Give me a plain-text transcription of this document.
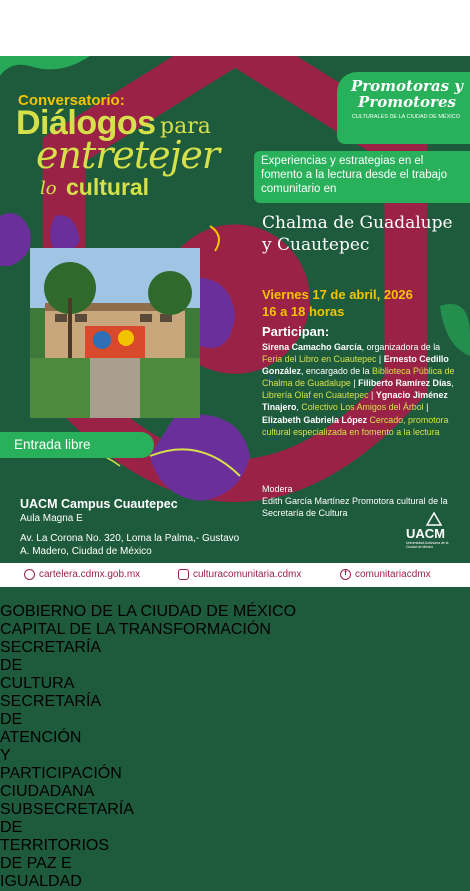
GOBIERNO DE LA CIUDAD DE MÉXICO
CAPITAL DE LA TRANSFORMACIÓN
SECRETARÍA DE CULTURA
SECRETARÍA DE ATENCIÓN Y PARTICIPACIÓN CIUDADANA
SUBSECRETARÍA DE TERRITORIOS DE PAZ E IGUALDAD
Conversatorio:
Diálogos para
entretejer
lo cultural
Promotoras y Promotores
CULTURALES DE LA CIUDAD DE MÉXICO
Experiencias y estrategias en el fomento a la lectura desde el trabajo comunitario en
Chalma de Guadalupe y Cuautepec
Viernes 17 de abril, 2026
16 a 18 horas
Participan:
Sirena Camacho García, organizadora de la Feria del Libro en Cuautepec | Ernesto Cedillo González, encargado de la Biblioteca Pública de Chalma de Guadalupe | Filiberto Ramírez Días, Librería Olaf en Cuautepec | Ygnacio Jiménez Tinajero, Colectivo Los Amigos del Árbol | Elizabeth Gabriela López Cercado, promotora cultural especializada en fomento a la lectura
Entrada libre
UACM Campus Cuautepec
Aula Magna E
Av. La Corona No. 320, Loma la Palma,- Gustavo A. Madero, Ciudad de México
Modera
Edith García Martínez Promotora cultural de la Secretaría de Cultura
UACM
Universidad Autónoma de la Ciudad de México
cartelera.cdmx.gob.mx	culturacomunitaria.cdmx	f comunitariacdmx
